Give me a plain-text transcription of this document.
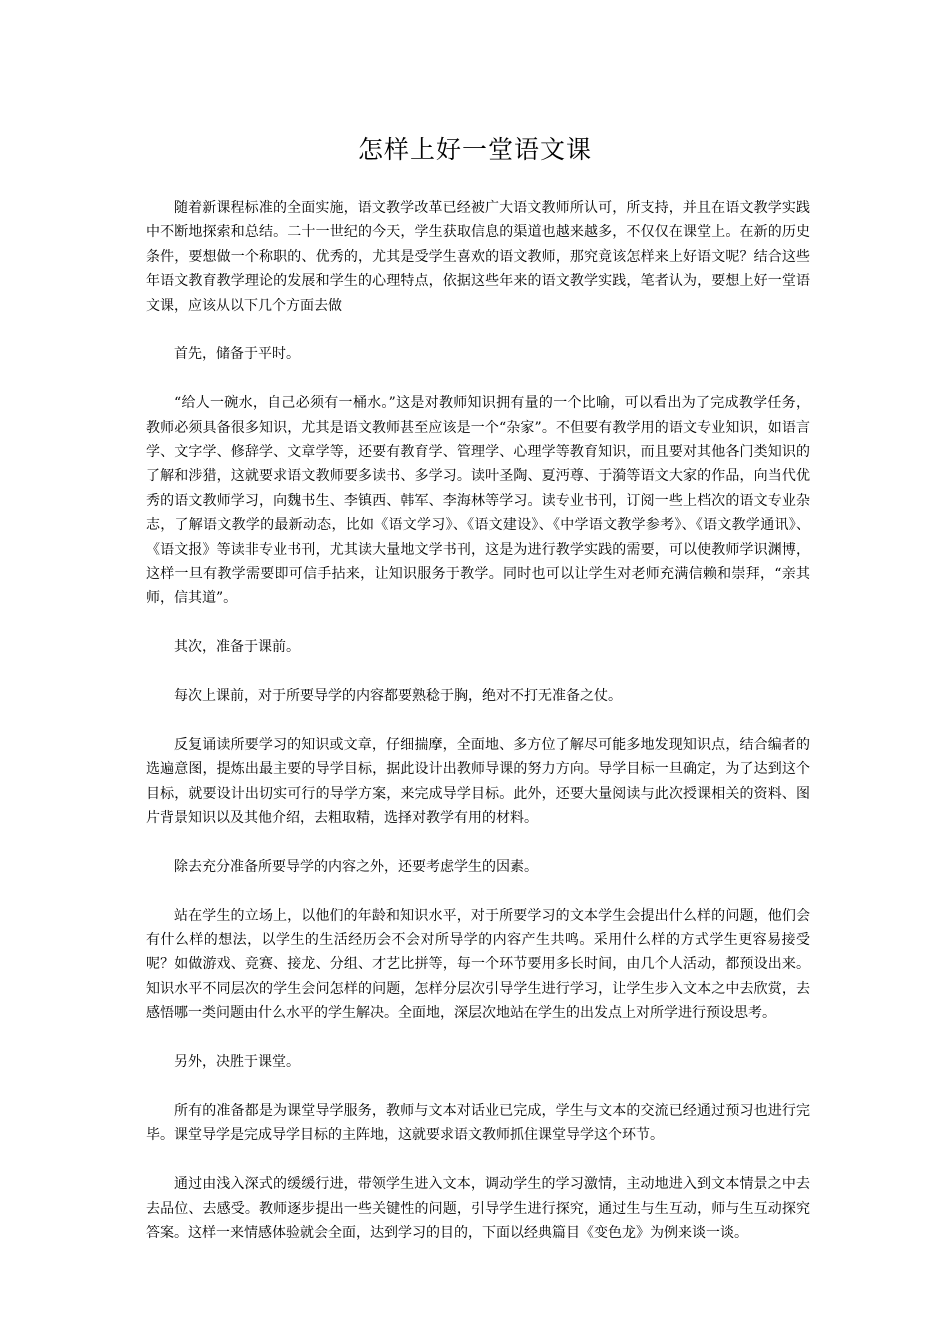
怎样上好一堂语文课

随着新课程标准的全面实施，语文教学改革已经被广大语文教师所认可，所支持，并且在语文教学实践中不断地探索和总结。二十一世纪的今天，学生获取信息的渠道也越来越多，不仅仅在课堂上。在新的历史条件，要想做一个称职的、优秀的，尤其是受学生喜欢的语文教师，那究竟该怎样来上好语文呢？结合这些年语文教育教学理论的发展和学生的心理特点，依据这些年来的语文教学实践，笔者认为，要想上好一堂语文课，应该从以下几个方面去做

首先，储备于平时。

“给人一碗水，自己必须有一桶水。”这是对教师知识拥有量的一个比喻，可以看出为了完成教学任务，教师必须具备很多知识，尤其是语文教师甚至应该是一个“杂家”。不但要有教学用的语文专业知识，如语言学、文字学、修辞学、文章学等，还要有教育学、管理学、心理学等教育知识，而且要对其他各门类知识的了解和涉猎，这就要求语文教师要多读书、多学习。读叶圣陶、夏沔尊、于漪等语文大家的作品，向当代优秀的语文教师学习，向魏书生、李镇西、韩军、李海林等学习。读专业书刊，订阅一些上档次的语文专业杂志，了解语文教学的最新动态，比如《语文学习》、《语文建设》、《中学语文教学参考》、《语文教学通讯》、《语文报》等读非专业书刊，尤其读大量地文学书刊，这是为进行教学实践的需要，可以使教师学识渊博，这样一旦有教学需要即可信手拈来，让知识服务于教学。同时也可以让学生对老师充满信赖和崇拜，“亲其师，信其道”。

其次，准备于课前。

每次上课前，对于所要导学的内容都要熟稔于胸，绝对不打无准备之仗。

反复诵读所要学习的知识或文章，仔细揣摩，全面地、多方位了解尽可能多地发现知识点，结合编者的选遍意图，提炼出最主要的导学目标，据此设计出教师导课的努力方向。导学目标一旦确定，为了达到这个目标，就要设计出切实可行的导学方案，来完成导学目标。此外，还要大量阅读与此次授课相关的资料、图片背景知识以及其他介绍，去粗取精，选择对教学有用的材料。

除去充分准备所要导学的内容之外，还要考虑学生的因素。

站在学生的立场上，以他们的年龄和知识水平，对于所要学习的文本学生会提出什么样的问题，他们会有什么样的想法，以学生的生活经历会不会对所导学的内容产生共鸣。采用什么样的方式学生更容易接受呢？如做游戏、竞赛、接龙、分组、才艺比拼等，每一个环节要用多长时间，由几个人活动，都预设出来。知识水平不同层次的学生会问怎样的问题，怎样分层次引导学生进行学习，让学生步入文本之中去欣赏，去感悟哪一类问题由什么水平的学生解决。全面地，深层次地站在学生的出发点上对所学进行预设思考。

另外，决胜于课堂。

所有的准备都是为课堂导学服务，教师与文本对话业已完成，学生与文本的交流已经通过预习也进行完毕。课堂导学是完成导学目标的主阵地，这就要求语文教师抓住课堂导学这个环节。

通过由浅入深式的缓缓行进，带领学生进入文本，调动学生的学习激情，主动地进入到文本情景之中去去品位、去感受。教师逐步提出一些关键性的问题，引导学生进行探究，通过生与生互动，师与生互动探究答案。这样一来情感体验就会全面，达到学习的目的，下面以经典篇目《变色龙》为例来谈一谈。
